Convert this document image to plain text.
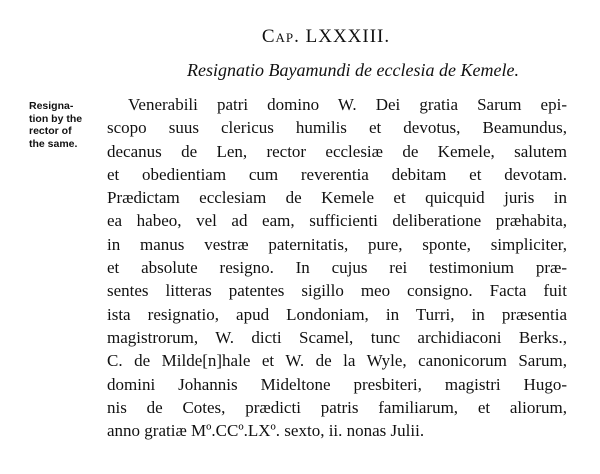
Cap. LXXXIII.
Resignatio Bayamundi de ecclesia de Kemele.
Resigna-
tion by the
rector of
the same.
Venerabili patri domino W. Dei gratia Sarum epi-
scopo suus clericus humilis et devotus, Beamundus,
decanus de Len, rector ecclesiæ de Kemele, salutem
et obedientiam cum reverentia debitam et devotam.
Prædictam ecclesiam de Kemele et quicquid juris in
ea habeo, vel ad eam, sufficienti deliberatione præhabita,
in manus vestræ paternitatis, pure, sponte, simpliciter,
et absolute resigno. In cujus rei testimonium præ-
sentes litteras patentes sigillo meo consigno. Facta fuit
ista resignatio, apud Londoniam, in Turri, in præsentia
magistrorum, W. dicti Scamel, tunc archidiaconi Berks.,
C. de Milde[n]hale et W. de la Wyle, canonicorum Sarum,
domini Johannis Mideltone presbiteri, magistri Hugo-
nis de Cotes, prædicti patris familiarum, et aliorum,
anno gratiæ Mº.CCº.LXº. sexto, ii. nonas Julii.
